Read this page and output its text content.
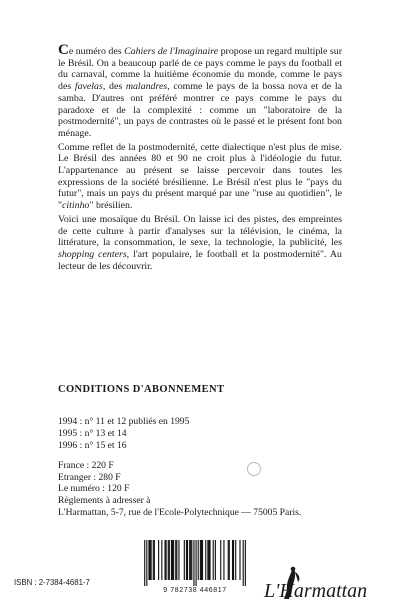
Ce numéro des Cahiers de l'Imaginaire propose un regard multiple sur le Brésil. On a beaucoup parlé de ce pays comme le pays du football et du carnaval, comme la huitième économie du monde, comme le pays des favelas, des malandres, comme le pays de la bossa nova et de la samba. D'autres ont préféré montrer ce pays comme le pays du paradoxe et de la complexité : comme un "laboratoire de la postmodernité", un pays de contrastes où le passé et le présent font bon ménage.

Comme reflet de la postmodernité, cette dialectique n'est plus de mise. Le Brésil des années 80 et 90 ne croit plus à l'idéologie du futur. L'appartenance au présent se laisse percevoir dans toutes les expressions de la société brésilienne. Le Brésil n'est plus le "pays du futur", mais un pays du présent marqué par une "ruse au quotidien", le "citinho" brésilien.

Voici une mosaïque du Brésil. On laisse ici des pistes, des empreintes de cette culture à partir d'analyses sur la télévision, le cinéma, la littérature, la consommation, le sexe, la technologie, la publicité, les shopping centers, l'art populaire, le football et la postmodernité". Au lecteur de les découvrir.

CONDITIONS D'ABONNEMENT
1994 : n° 11 et 12 publiés en 1995
1995 : n° 13 et 14
1996 : n° 15 et 16
France : 220 F
Etranger : 280 F
Le numéro : 120 F
Règlements à adresser à
L'Harmattan, 5-7, rue de l'Ecole-Polytechnique — 75005 Paris.
ISBN : 2-7384-4681-7
9 782738 446817	L'Harmattan
